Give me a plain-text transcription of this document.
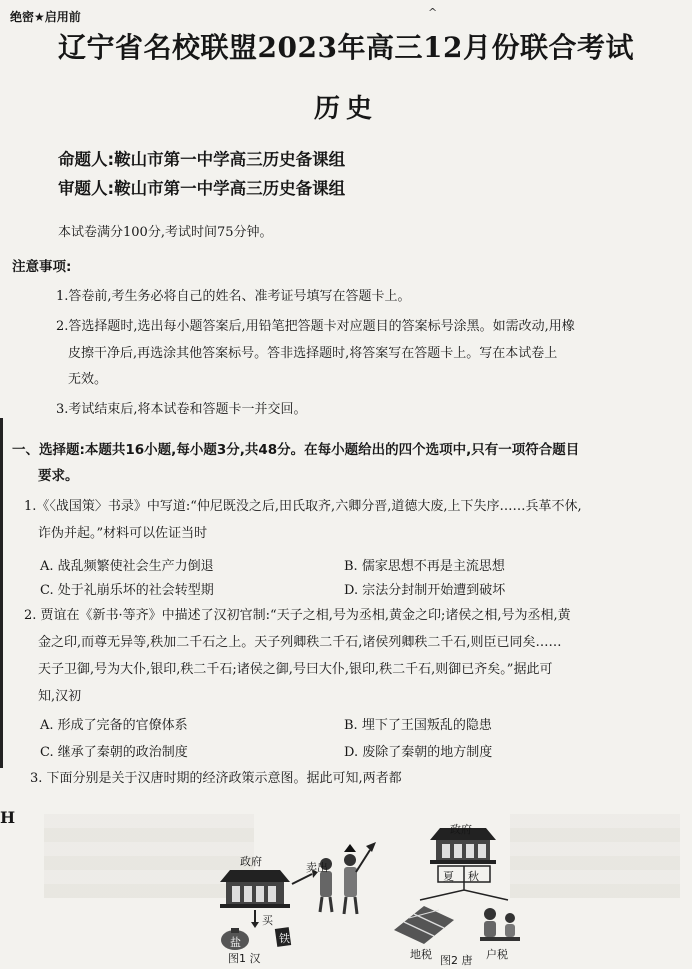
绝密★启用前	^
辽宁省名校联盟2023年高三12月份联合考试
历史
命题人:鞍山市第一中学高三历史备课组
审题人:鞍山市第一中学高三历史备课组
本试卷满分100分,考试时间75分钟。
注意事项:
1.答卷前,考生务必将自己的姓名、准考证号填写在答题卡上。
2.答选择题时,选出每小题答案后,用铅笔把答题卡对应题目的答案标号涂黑。如需改动,用橡
皮擦干净后,再选涂其他答案标号。答非选择题时,将答案写在答题卡上。写在本试卷上
无效。
3.考试结束后,将本试卷和答题卡一并交回。
一、选择题:本题共16小题,每小题3分,共48分。在每小题给出的四个选项中,只有一项符合题目
要求。
1.《〈战国策〉书录》中写道:“仲尼既没之后,田氏取齐,六卿分晋,道德大废,上下失序……兵革不休,
诈伪并起。”材料可以佐证当时
A. 战乱频繁使社会生产力倒退	B. 儒家思想不再是主流思想
C. 处于礼崩乐坏的社会转型期	D. 宗法分封制开始遭到破坏
2. 贾谊在《新书·等齐》中描述了汉初官制:“天子之相,号为丞相,黄金之印;诸侯之相,号为丞相,黄
金之印,而尊无异等,秩加二千石之上。天子列卿秩二千石,诸侯列卿秩二千石,则臣已同矣……
天子卫御,号为大仆,银印,秩二千石;诸侯之御,号曰大仆,银印,秩二千石,则御已齐矣。”据此可
知,汉初
A. 形成了完备的官僚体系	B. 埋下了王国叛乱的隐患
C. 继承了秦朝的政治制度	D. 废除了秦朝的地方制度
3. 下面分别是关于汉唐时期的经济政策示意图。据此可知,两者都
H
政府	卖出
买
盐	铁
图1 汉
政府
夏 秋
地税	户税
图2 唐
